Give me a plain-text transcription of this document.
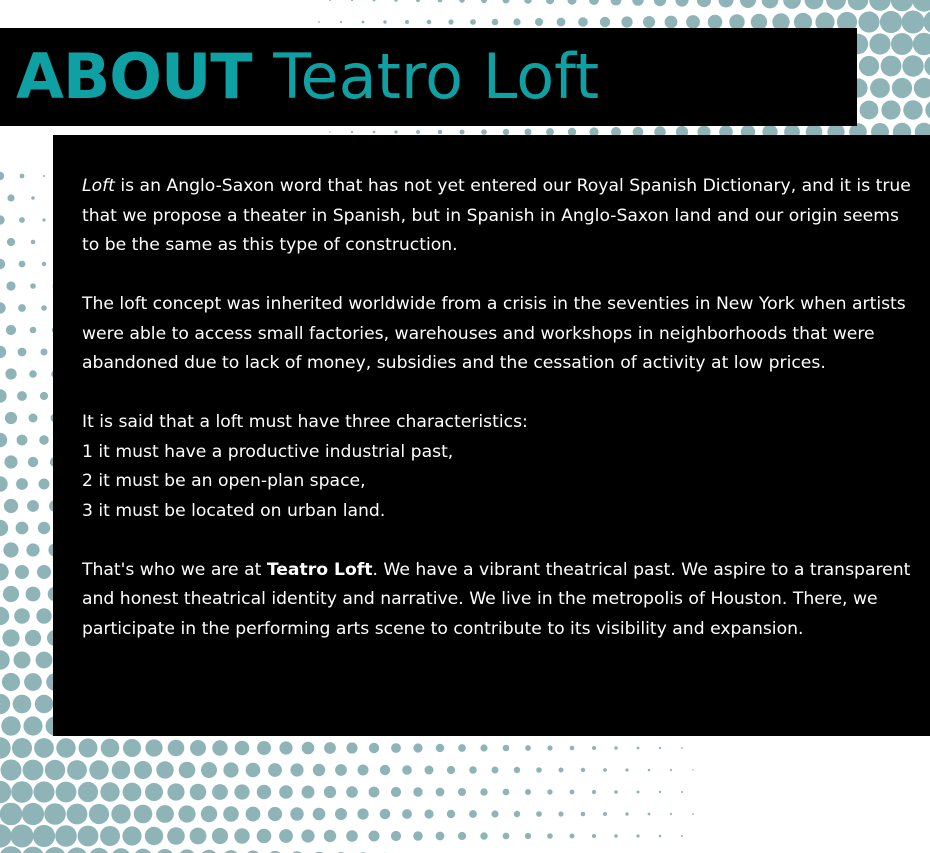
ABOUT Teatro Loft

Loft is an Anglo-Saxon word that has not yet entered our Royal Spanish Dictionary, and it is true that we propose a theater in Spanish, but in Spanish in Anglo-Saxon land and our origin seems to be the same as this type of construction.

The loft concept was inherited worldwide from a crisis in the seventies in New York when artists were able to access small factories, warehouses and workshops in neighborhoods that were abandoned due to lack of money, subsidies and the cessation of activity at low prices.

It is said that a loft must have three characteristics:
1 it must have a productive industrial past,
2 it must be an open-plan space,
3 it must be located on urban land.

That's who we are at Teatro Loft. We have a vibrant theatrical past. We aspire to a transparent and honest theatrical identity and narrative. We live in the metropolis of Houston. There, we participate in the performing arts scene to contribute to its visibility and expansion.
